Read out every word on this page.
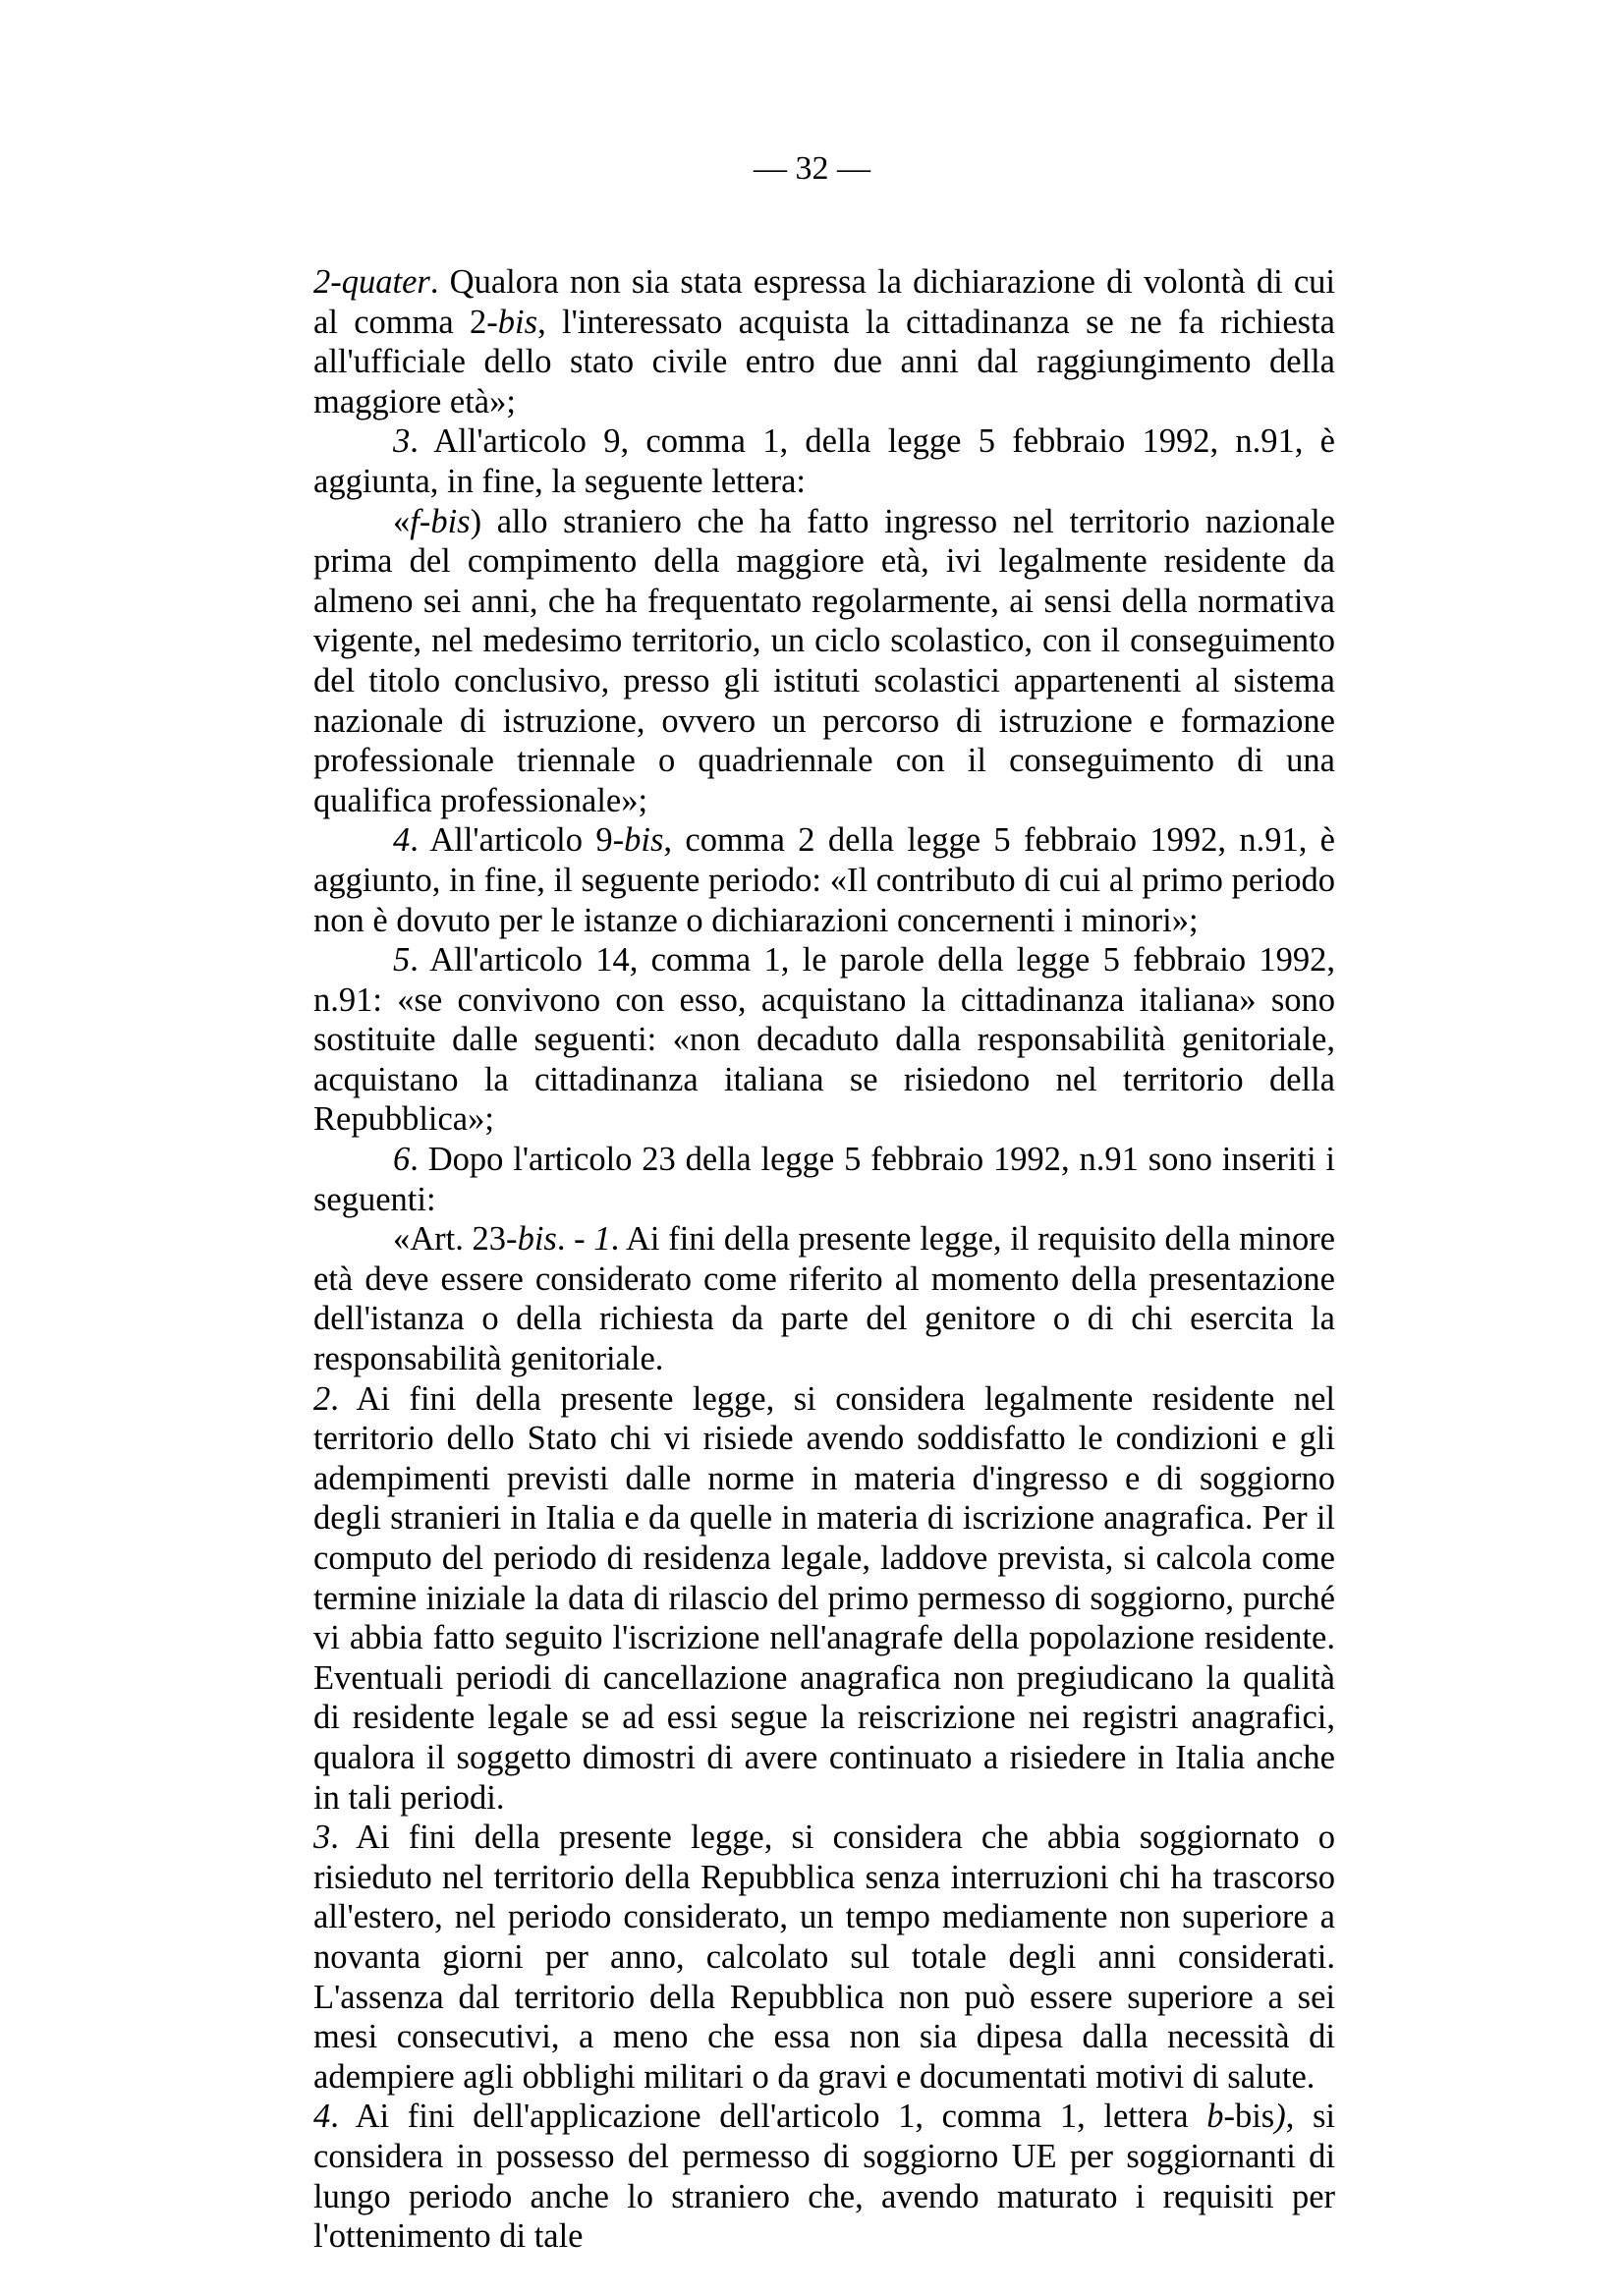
— 32 —

2-quater. Qualora non sia stata espressa la dichiarazione di volontà di cui al comma 2-bis, l'interessato acquista la cittadinanza se ne fa richiesta all'ufficiale dello stato civile entro due anni dal raggiungimento della maggiore età»;

3. All'articolo 9, comma 1, della legge 5 febbraio 1992, n.91, è aggiunta, in fine, la seguente lettera:

«f-bis) allo straniero che ha fatto ingresso nel territorio nazionale prima del compimento della maggiore età, ivi legalmente residente da almeno sei anni, che ha frequentato regolarmente, ai sensi della normativa vigente, nel medesimo territorio, un ciclo scolastico, con il conseguimento del titolo conclusivo, presso gli istituti scolastici appartenenti al sistema nazionale di istruzione, ovvero un percorso di istruzione e formazione professionale triennale o quadriennale con il conseguimento di una qualifica professionale»;

4. All'articolo 9-bis, comma 2 della legge 5 febbraio 1992, n.91, è aggiunto, in fine, il seguente periodo: «Il contributo di cui al primo periodo non è dovuto per le istanze o dichiarazioni concernenti i minori»;

5. All'articolo 14, comma 1, le parole della legge 5 febbraio 1992, n.91: «se convivono con esso, acquistano la cittadinanza italiana» sono sostituite dalle seguenti: «non decaduto dalla responsabilità genitoriale, acquistano la cittadinanza italiana se risiedono nel territorio della Repubblica»;

6. Dopo l'articolo 23 della legge 5 febbraio 1992, n.91 sono inseriti i seguenti:

«Art. 23-bis. - 1. Ai fini della presente legge, il requisito della minore età deve essere considerato come riferito al momento della presentazione dell'istanza o della richiesta da parte del genitore o di chi esercita la responsabilità genitoriale.

2. Ai fini della presente legge, si considera legalmente residente nel territorio dello Stato chi vi risiede avendo soddisfatto le condizioni e gli adempimenti previsti dalle norme in materia d'ingresso e di soggiorno degli stranieri in Italia e da quelle in materia di iscrizione anagrafica. Per il computo del periodo di residenza legale, laddove prevista, si calcola come termine iniziale la data di rilascio del primo permesso di soggiorno, purché vi abbia fatto seguito l'iscrizione nell'anagrafe della popolazione residente. Eventuali periodi di cancellazione anagrafica non pregiudicano la qualità di residente legale se ad essi segue la reiscrizione nei registri anagrafici, qualora il soggetto dimostri di avere continuato a risiedere in Italia anche in tali periodi.

3. Ai fini della presente legge, si considera che abbia soggiornato o risieduto nel territorio della Repubblica senza interruzioni chi ha trascorso all'estero, nel periodo considerato, un tempo mediamente non superiore a novanta giorni per anno, calcolato sul totale degli anni considerati. L'assenza dal territorio della Repubblica non può essere superiore a sei mesi consecutivi, a meno che essa non sia dipesa dalla necessità di adempiere agli obblighi militari o da gravi e documentati motivi di salute.

4. Ai fini dell'applicazione dell'articolo 1, comma 1, lettera b-bis), si considera in possesso del permesso di soggiorno UE per soggiornanti di lungo periodo anche lo straniero che, avendo maturato i requisiti per l'ottenimento di tale
